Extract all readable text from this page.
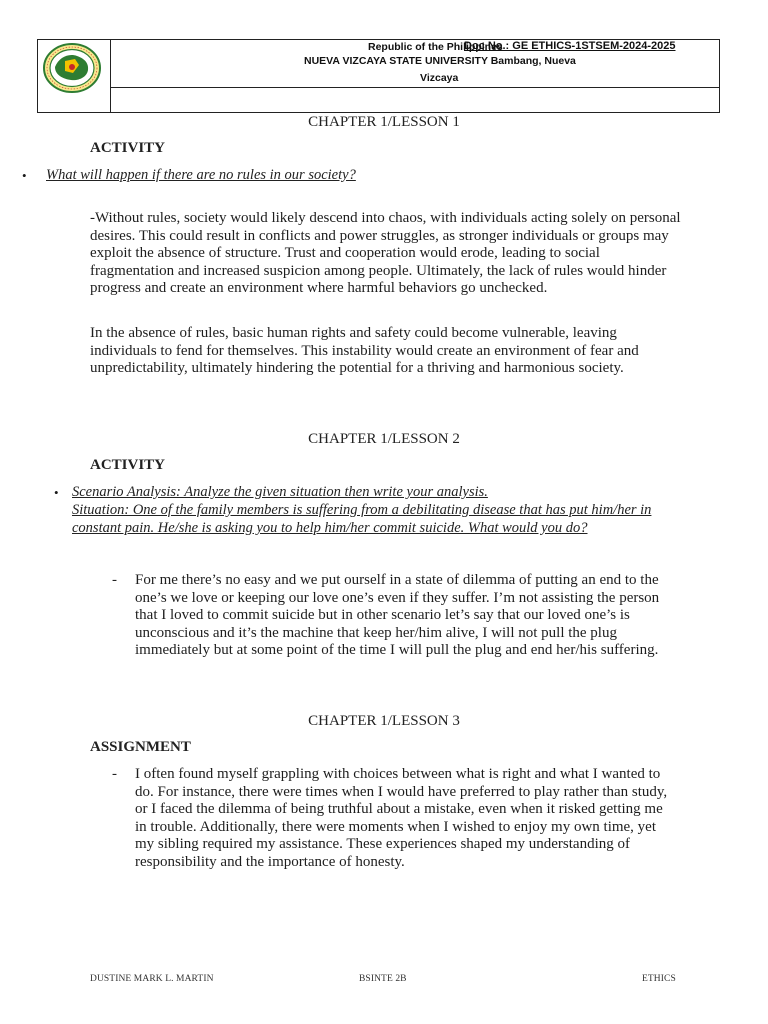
Republic of the Philippines
Doc No.: GE ETHICS-1STSEM-2024-2025
NUEVA VIZCAYA STATE UNIVERSITY Bambang, Nueva
Vizcaya
CHAPTER 1/LESSON 1
ACTIVITY
• What will happen if there are no rules in our society?
-Without rules, society would likely descend into chaos, with individuals acting solely on personal desires. This could result in conflicts and power struggles, as stronger individuals or groups may exploit the absence of structure. Trust and cooperation would erode, leading to social fragmentation and increased suspicion among people. Ultimately, the lack of rules would hinder progress and create an environment where harmful behaviors go unchecked.
In the absence of rules, basic human rights and safety could become vulnerable, leaving individuals to fend for themselves. This instability would create an environment of fear and unpredictability, ultimately hindering the potential for a thriving and harmonious society.
CHAPTER 1/LESSON 2
ACTIVITY
• Scenario Analysis: Analyze the given situation then write your analysis.
Situation: One of the family members is suffering from a debilitating disease that has put him/her in constant pain. He/she is asking you to help him/her commit suicide. What would you do?
- For me there’s no easy and we put ourself in a state of dilemma of putting an end to the one’s we love or keeping our love one’s even if they suffer. I’m not assisting the person that I loved to commit suicide but in other scenario let’s say that our loved one’s is unconscious and it’s the machine that keep her/him alive, I will not pull the plug immediately but at some point of the time I will pull the plug and end her/his suffering.
CHAPTER 1/LESSON 3
ASSIGNMENT
- I often found myself grappling with choices between what is right and what I wanted to do. For instance, there were times when I would have preferred to play rather than study, or I faced the dilemma of being truthful about a mistake, even when it risked getting me in trouble. Additionally, there were moments when I wished to enjoy my own time, yet my sibling required my assistance. These experiences shaped my understanding of responsibility and the importance of honesty.
DUSTINE MARK L. MARTIN	BSINTE 2B	ETHICS
